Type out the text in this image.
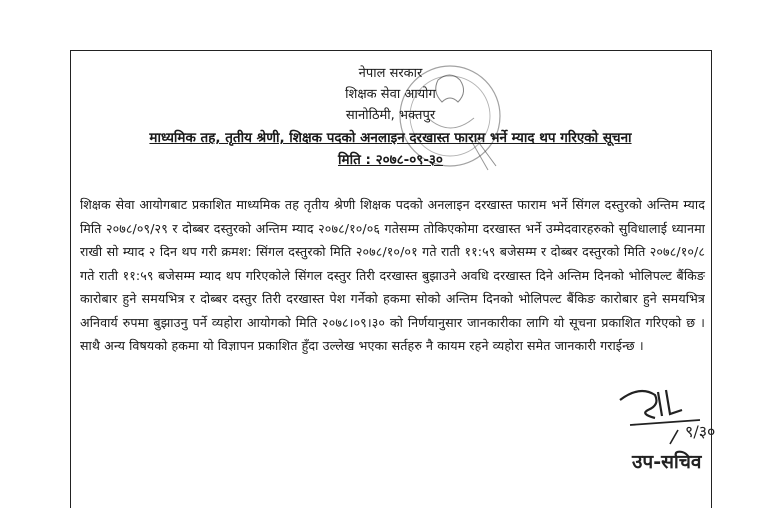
नेपाल सरकार
शिक्षक सेवा आयोग
सानोठिमी, भक्तपुर
माध्यमिक तह, तृतीय श्रेणी, शिक्षक पदको अनलाइन दरखास्त फाराम भर्ने म्याद थप गरिएको सूचना
मिति : २०७८-०९-३०
शिक्षक सेवा आयोगबाट प्रकाशित माध्यमिक तह तृतीय श्रेणी शिक्षक पदको अनलाइन दरखास्त फाराम भर्ने सिंगल दस्तुरको अन्तिम म्याद मिति २०७८/०९/२९ र दोब्बर दस्तुरको अन्तिम म्याद २०७८/१०/०६ गतेसम्म तोकिएकोमा दरखास्त भर्ने उम्मेदवारहरुको सुविधालाई ध्यानमा राखी सो म्याद २ दिन थप गरी क्रमश: सिंगल दस्तुरको मिति २०७८/१०/०१ गते राती ११:५९ बजेसम्म र दोब्बर दस्तुरको मिति २०७८/१०/८ गते राती ११:५९ बजेसम्म म्याद थप गरिएकोले सिंगल दस्तुर तिरी दरखास्त बुझाउने अवधि दरखास्त दिने अन्तिम दिनको भोलिपल्ट बैंकिङ कारोबार हुने समयभित्र र दोब्बर दस्तुर तिरी दरखास्त पेश गर्नेको हकमा सोको अन्तिम दिनको भोलिपल्ट बैंकिङ कारोबार हुने समयभित्र अनिवार्य रुपमा बुझाउनु पर्ने व्यहोरा आयोगको मिति २०७८।०९।३० को निर्णयानुसार जानकारीका लागि यो सूचना प्रकाशित गरिएको छ । साथै अन्य विषयको हकमा यो विज्ञापन प्रकाशित हुँदा उल्लेख भएका सर्तहरु नै कायम रहने व्यहोरा समेत जानकारी गराईन्छ ।
९/३०
उप-सचिव
